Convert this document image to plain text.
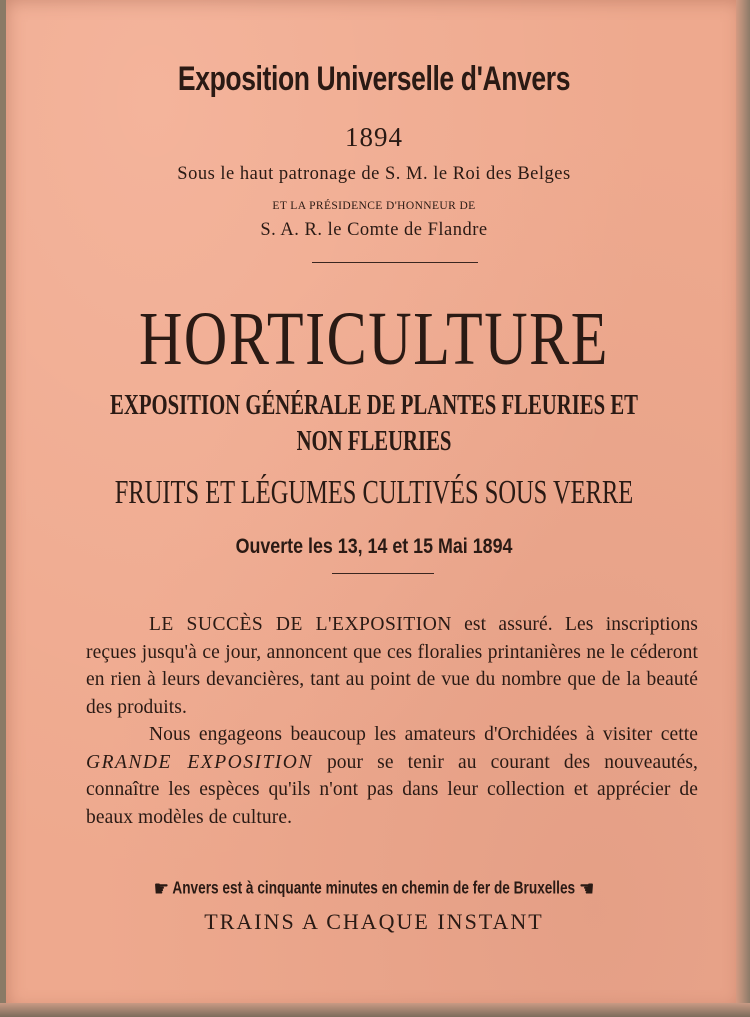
Exposition Universelle d'Anvers
1894
Sous le haut patronage de S. M. le Roi des Belges
ET LA PRÉSIDENCE D'HONNEUR DE
S. A. R. le Comte de Flandre
HORTICULTURE
EXPOSITION GÉNÉRALE DE PLANTES FLEURIES ET
NON FLEURIES
FRUITS ET LÉGUMES CULTIVÉS SOUS VERRE
Ouverte les 13, 14 et 15 Mai 1894

LE SUCCÈS DE L'EXPOSITION est assuré. Les inscriptions reçues jusqu'à ce jour, annoncent que ces floralies printanières ne le céderont en rien à leurs devancières, tant au point de vue du nombre que de la beauté des produits.

Nous engageons beaucoup les amateurs d'Orchidées à visiter cette GRANDE EXPOSITION pour se tenir au courant des nouveautés, connaître les espèces qu'ils n'ont pas dans leur collection et apprécier de beaux modèles de culture.

☛ Anvers est à cinquante minutes en chemin de fer de Bruxelles ☚
TRAINS A CHAQUE INSTANT
